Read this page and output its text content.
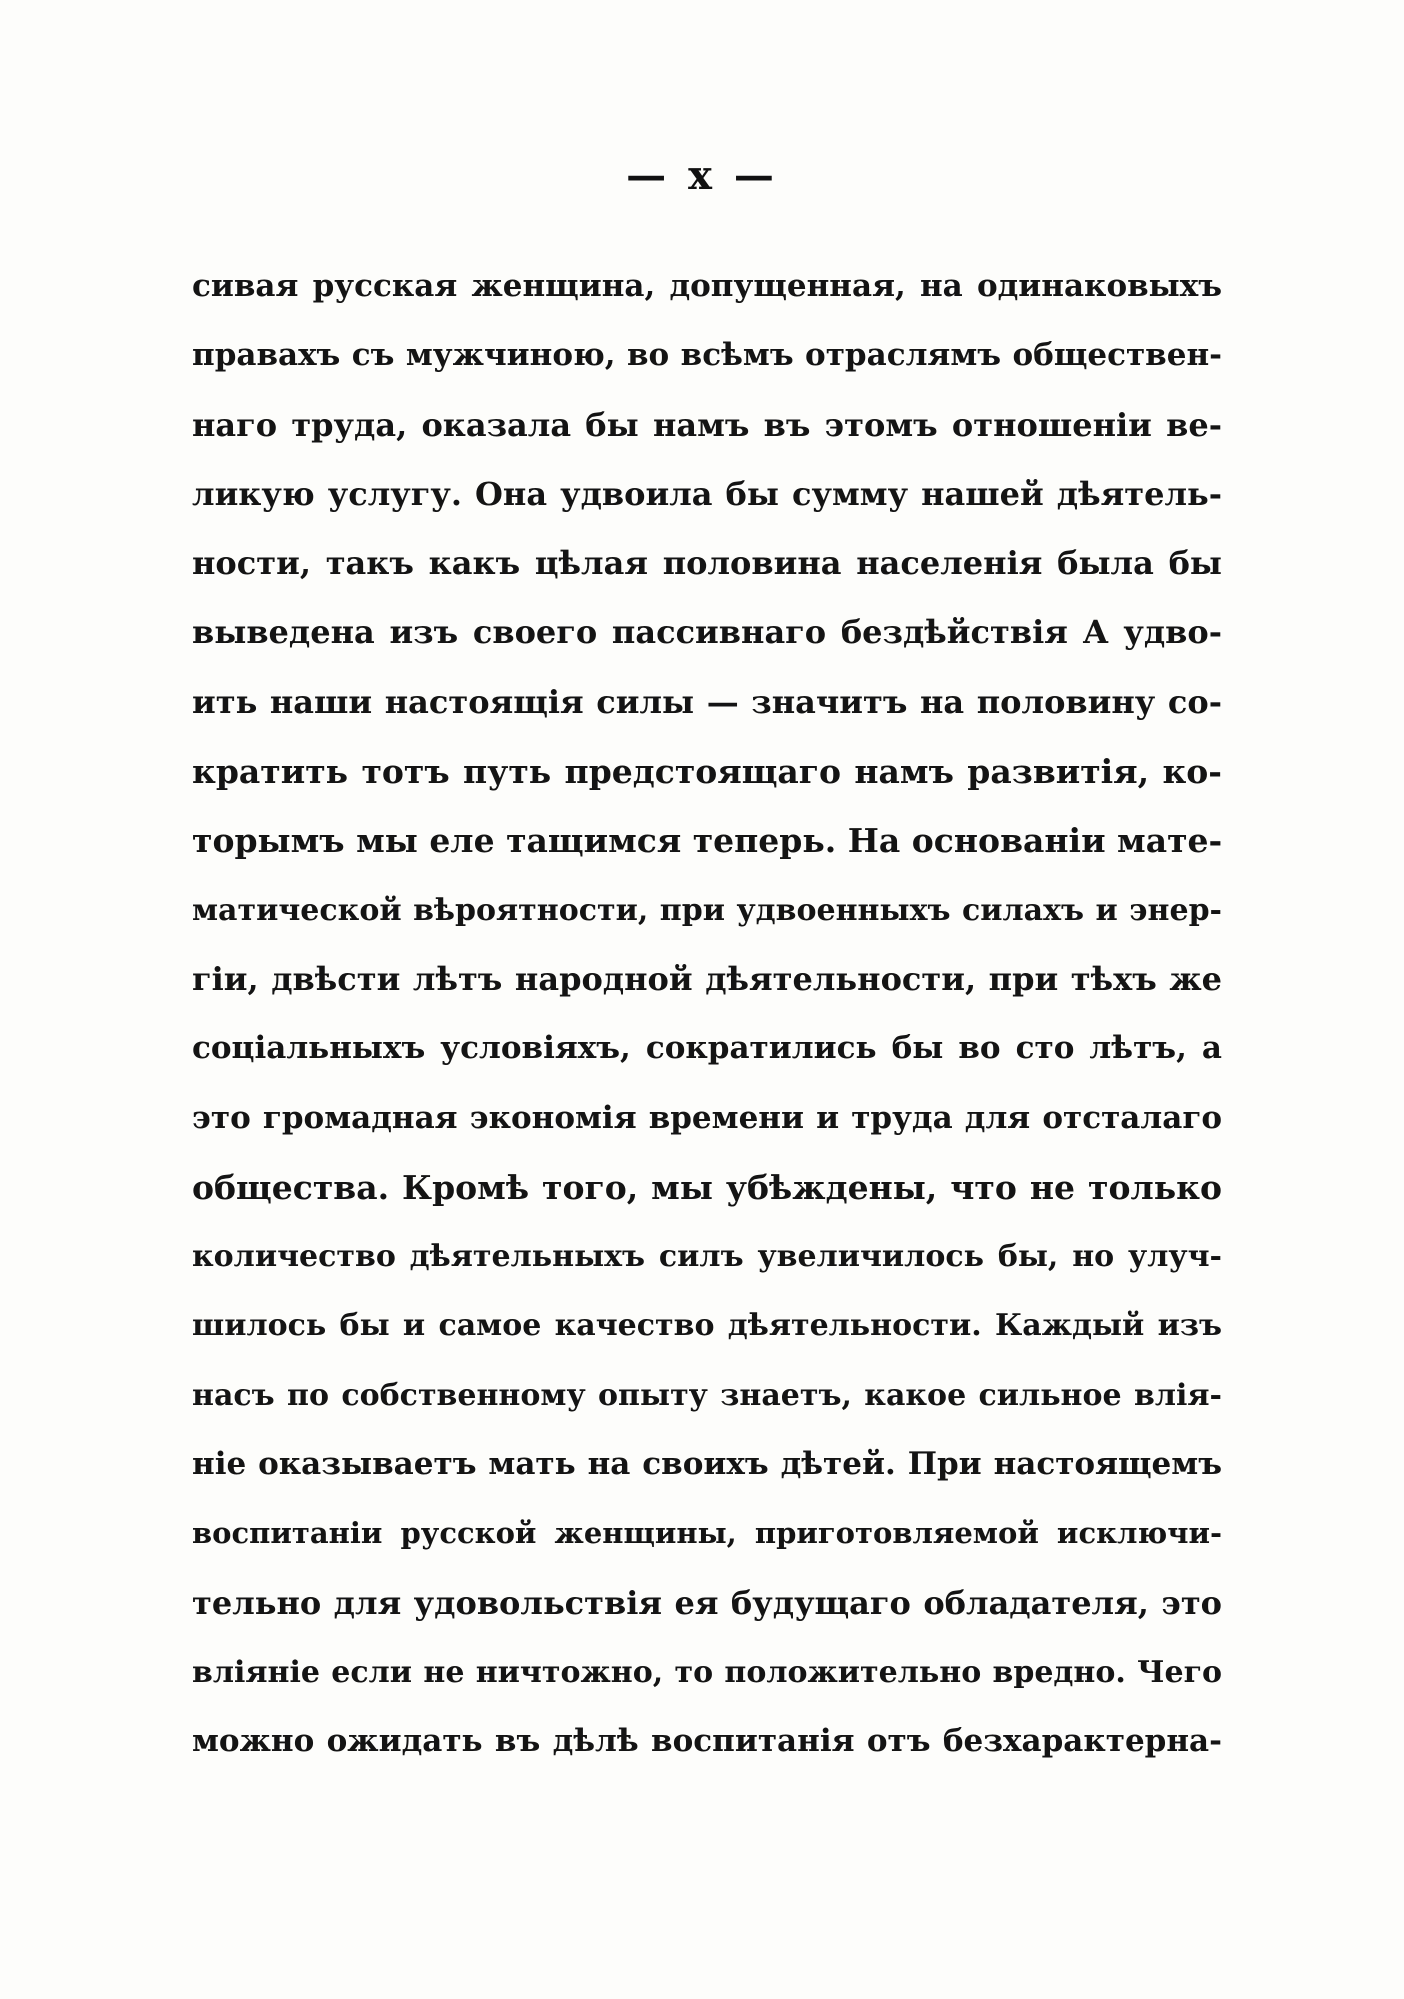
— x —
сивая русская женщина, допущенная, на одинаковыхъ
правахъ съ мужчиною, во всѣмъ отраслямъ обществен-
наго труда, оказала бы намъ въ этомъ отношеніи ве-
ликую услугу. Она удвоила бы сумму нашей дѣятель-
ности, такъ какъ цѣлая половина населенія была бы
выведена изъ своего пассивнаго бездѣйствія А удво-
ить наши настоящія силы — значитъ на половину со-
кратить тотъ путь предстоящаго намъ развитія, ко-
торымъ мы еле тащимся теперь. На основаніи мате-
матической вѣроятности, при удвоенныхъ силахъ и энер-
гіи, двѣсти лѣтъ народной дѣятельности, при тѣхъ же
соціальныхъ условіяхъ, сократились бы во сто лѣтъ, а
это громадная экономія времени и труда для отсталаго
общества. Кромѣ того, мы убѣждены, что не только
количество дѣятельныхъ силъ увеличилось бы, но улуч-
шилось бы и самое качество дѣятельности. Каждый изъ
насъ по собственному опыту знаетъ, какое сильное влія-
ніе оказываетъ мать на своихъ дѣтей. При настоящемъ
воспитаніи русской женщины, приготовляемой исключи-
тельно для удовольствія ея будущаго обладателя, это
вліяніе если не ничтожно, то положительно вредно. Чего
можно ожидать въ дѣлѣ воспитанія отъ безхарактерна-
